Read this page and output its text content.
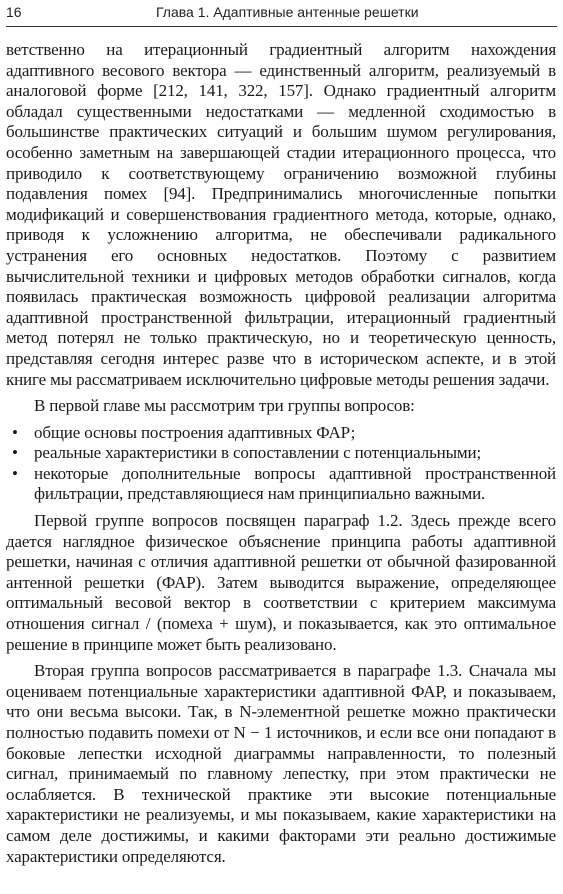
16	Глава 1. Адаптивные антенные решетки

ветственно на итерационный градиентный алгоритм нахождения адаптивного весового вектора — единственный алгоритм, реализуемый в аналоговой форме [212, 141, 322, 157]. Однако градиентный алгоритм обладал существенными недостатками — медленной сходимостью в большинстве практических ситуаций и большим шумом регулирования, особенно заметным на завершающей стадии итерационного процесса, что приводило к соответствующему ограничению возможной глубины подавления помех [94]. Предпринимались многочисленные попытки модификаций и совершенствования градиентного метода, которые, однако, приводя к усложнению алгоритма, не обеспечивали радикального устранения его основных недостатков. Поэтому с развитием вычислительной техники и цифровых методов обработки сигналов, когда появилась практическая возможность цифровой реализации алгоритма адаптивной пространственной фильтрации, итерационный градиентный метод потерял не только практическую, но и теоретическую ценность, представляя сегодня интерес разве что в историческом аспекте, и в этой книге мы рассматриваем исключительно цифровые методы решения задачи.

В первой главе мы рассмотрим три группы вопросов:

• общие основы построения адаптивных ФАР;
• реальные характеристики в сопоставлении с потенциальными;
• некоторые дополнительные вопросы адаптивной пространственной фильтрации, представляющиеся нам принципиально важными.

Первой группе вопросов посвящен параграф 1.2. Здесь прежде всего дается наглядное физическое объяснение принципа работы адаптивной решетки, начиная с отличия адаптивной решетки от обычной фазированной антенной решетки (ФАР). Затем выводится выражение, определяющее оптимальный весовой вектор в соответствии с критерием максимума отношения сигнал / (помеха + шум), и показывается, как это оптимальное решение в принципе может быть реализовано.

Вторая группа вопросов рассматривается в параграфе 1.3. Сначала мы оцениваем потенциальные характеристики адаптивной ФАР, и показываем, что они весьма высоки. Так, в N-элементной решетке можно практически полностью подавить помехи от N − 1 источников, и если все они попадают в боковые лепестки исходной диаграммы направленности, то полезный сигнал, принимаемый по главному лепестку, при этом практически не ослабляется. В технической практике эти высокие потенциальные характеристики не реализуемы, и мы показываем, какие характеристики на самом деле достижимы, и какими факторами эти реально достижимые характеристики определяются.
